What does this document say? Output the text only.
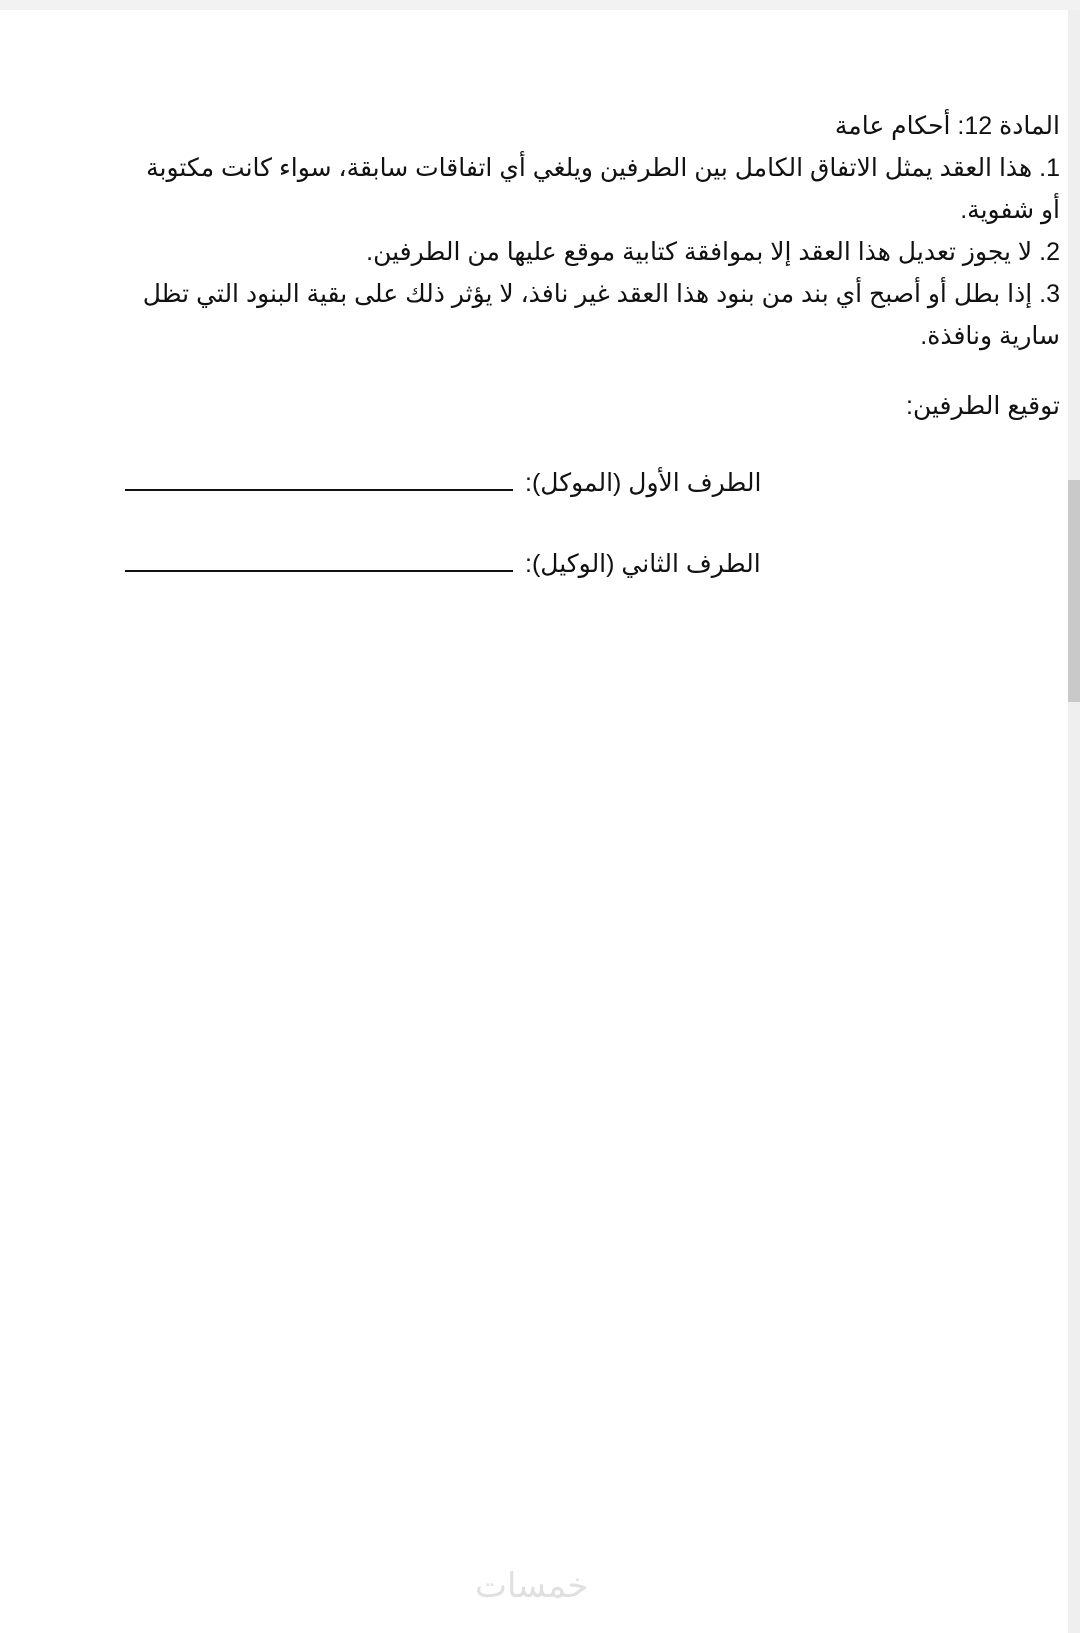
المادة 12: أحكام عامة
1. هذا العقد يمثل الاتفاق الكامل بين الطرفين ويلغي أي اتفاقات سابقة، سواء كانت مكتوبة أو شفوية.
2. لا يجوز تعديل هذا العقد إلا بموافقة كتابية موقع عليها من الطرفين.
3. إذا بطل أو أصبح أي بند من بنود هذا العقد غير نافذ، لا يؤثر ذلك على بقية البنود التي تظل سارية ونافذة.
توقيع الطرفين:
الطرف الأول (الموكل):
الطرف الثاني (الوكيل):
خمسات
